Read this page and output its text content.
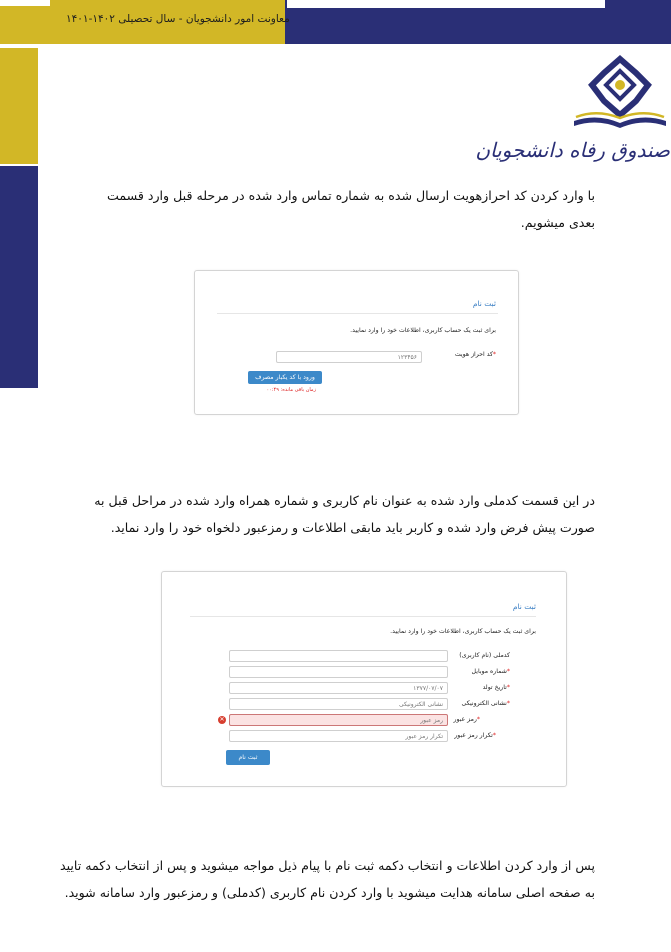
معاونت امور دانشجویان - سال تحصیلی ۱۴۰۲-۱۴۰۱
صندوق رفاه دانشجویان
با وارد کردن کد احرازهویت ارسال شده به شماره تماس وارد شده در مرحله قبل وارد قسمت بعدی میشویم.
ثبت نام
برای ثبت یک حساب کاربری، اطلاعات خود را وارد نمایید.
*کد احراز هویت
۱۲۳۴۵۶
ورود با کد یکبار مصرف
زمان باقی مانده: ۰۰:۴۹
در این قسمت کدملی وارد شده به عنوان نام کاربری و شماره همراه وارد شده در مراحل قبل به صورت پیش فرض وارد شده و کاربر باید مابقی اطلاعات و رمزعبور دلخواه خود را وارد نماید.
ثبت نام
برای ثبت یک حساب کاربری، اطلاعات خود را وارد نمایید.
کدملی (نام کاربری)
*شماره موبایل
*تاریخ تولد
۱۳۷۷/۰۷/۰۷
*نشانی الکترونیکی
نشانی الکترونیکی
*رمز عبور
رمز عبور
✕
*تکرار رمز عبور
تکرار رمز عبور
ثبت نام
پس از وارد کردن اطلاعات و انتخاب دکمه ثبت نام با پیام ذیل مواجه میشوید و پس از انتخاب دکمه تایید به صفحه اصلی سامانه هدایت میشوید با وارد کردن نام کاربری (کدملی) و رمزعبور وارد سامانه شوید.
